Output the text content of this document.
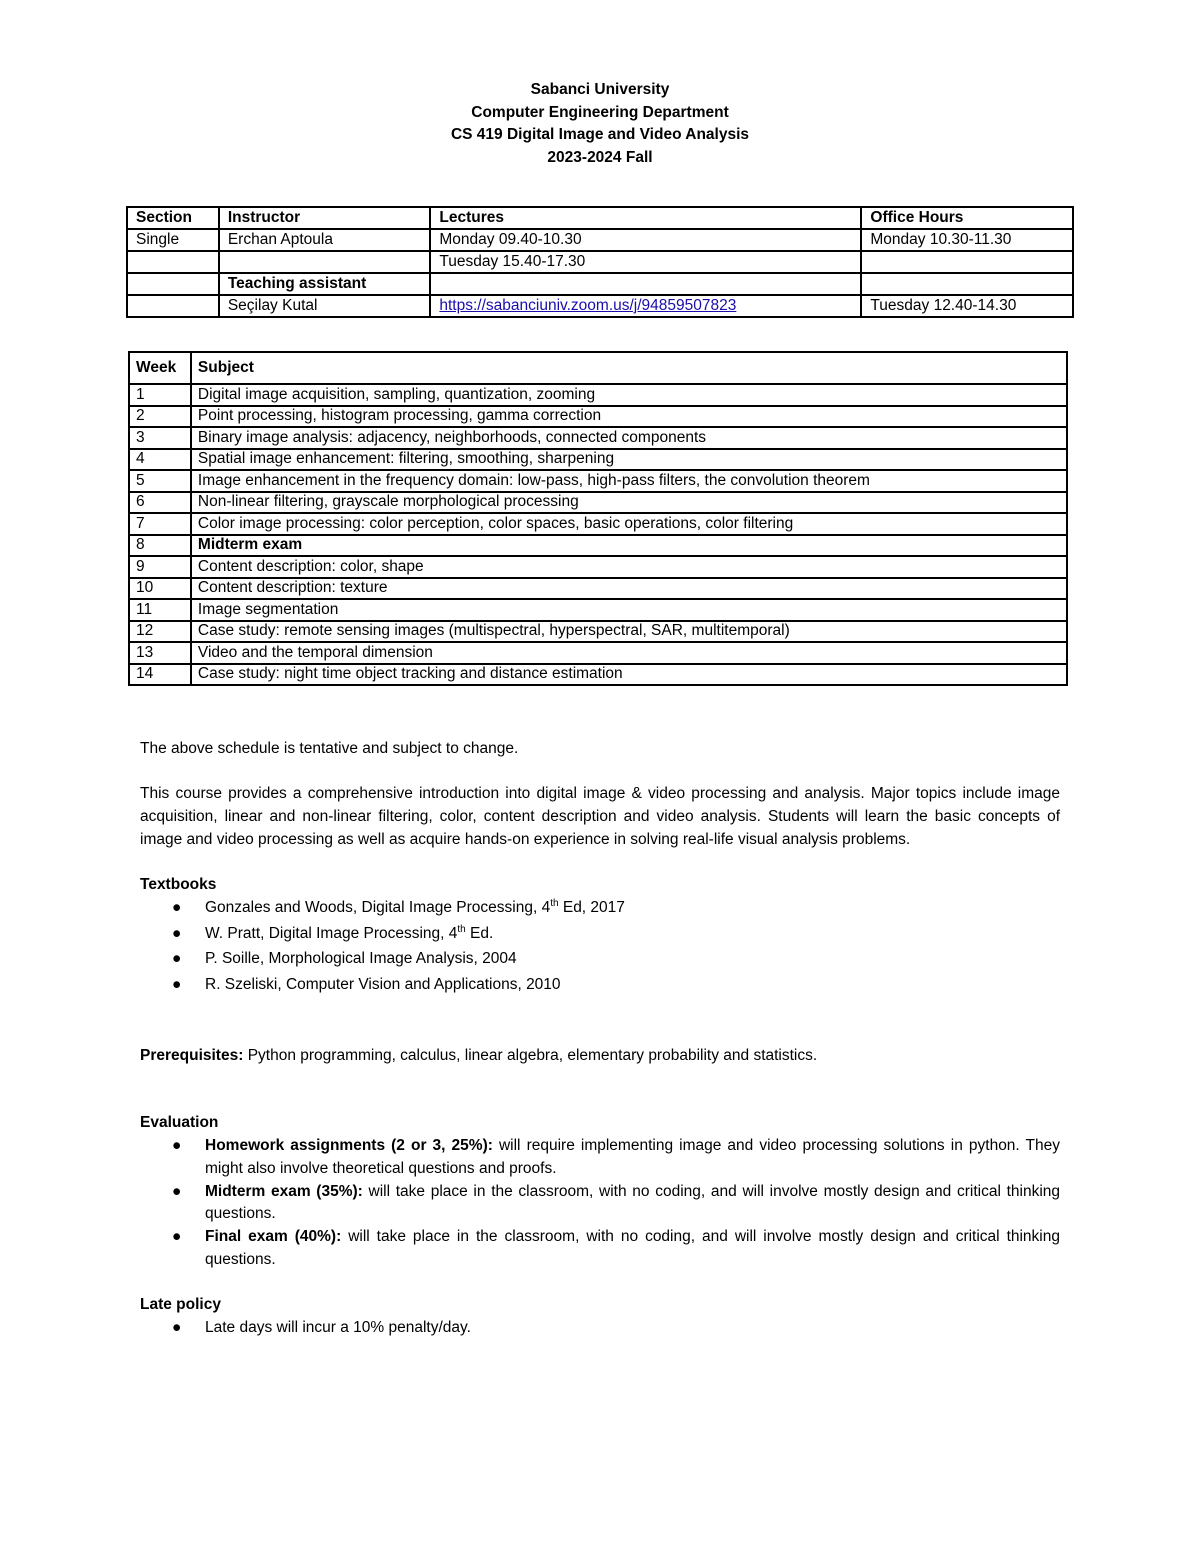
Sabanci University
Computer Engineering Department
CS 419 Digital Image and Video Analysis
2023-2024 Fall
Section	Instructor	Lectures	Office Hours
Single	Erchan Aptoula	Monday 09.40-10.30	Monday 10.30-11.30
		Tuesday 15.40-17.30	
	Teaching assistant		
	Seçilay Kutal	https://sabanciuniv.zoom.us/j/94859507823	Tuesday 12.40-14.30
Week	Subject
1	Digital image acquisition, sampling, quantization, zooming
2	Point processing, histogram processing, gamma correction
3	Binary image analysis: adjacency, neighborhoods, connected components
4	Spatial image enhancement: filtering, smoothing, sharpening
5	Image enhancement in the frequency domain: low-pass, high-pass filters, the convolution theorem
6	Non-linear filtering, grayscale morphological processing
7	Color image processing: color perception, color spaces, basic operations, color filtering
8	Midterm exam
9	Content description: color, shape
10	Content description: texture
11	Image segmentation
12	Case study: remote sensing images (multispectral, hyperspectral, SAR, multitemporal)
13	Video and the temporal dimension
14	Case study: night time object tracking and distance estimation
The above schedule is tentative and subject to change.
This course provides a comprehensive introduction into digital image & video processing and analysis. Major topics include image acquisition, linear and non-linear filtering, color, content description and video analysis. Students will learn the basic concepts of image and video processing as well as acquire hands-on experience in solving real-life visual analysis problems.
Textbooks
● Gonzales and Woods, Digital Image Processing, 4th Ed, 2017
● W. Pratt, Digital Image Processing, 4th Ed.
● P. Soille, Morphological Image Analysis, 2004
● R. Szeliski, Computer Vision and Applications, 2010
Prerequisites: Python programming, calculus, linear algebra, elementary probability and statistics.
Evaluation
● Homework assignments (2 or 3, 25%): will require implementing image and video processing solutions in python. They might also involve theoretical questions and proofs.
● Midterm exam (35%): will take place in the classroom, with no coding, and will involve mostly design and critical thinking questions.
● Final exam (40%): will take place in the classroom, with no coding, and will involve mostly design and critical thinking questions.
Late policy
● Late days will incur a 10% penalty/day.
